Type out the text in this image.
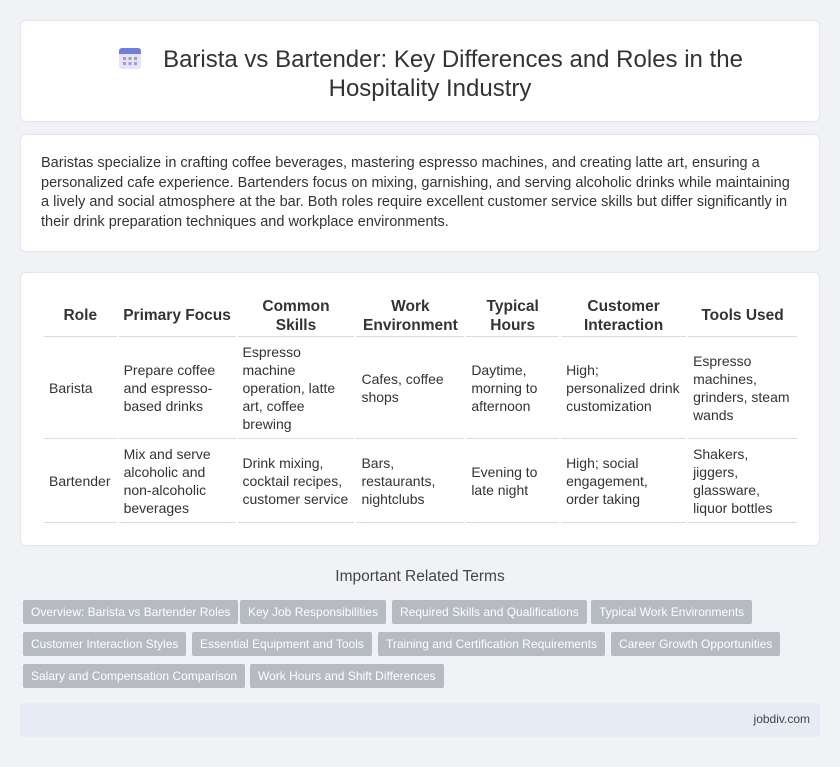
Barista vs Bartender: Key Differences and Roles in the Hospitality Industry

Baristas specialize in crafting coffee beverages, mastering espresso machines, and creating latte art, ensuring a personalized cafe experience. Bartenders focus on mixing, garnishing, and serving alcoholic drinks while maintaining a lively and social atmosphere at the bar. Both roles require excellent customer service skills but differ significantly in their drink preparation techniques and workplace environments.

Role	Primary Focus	Common Skills	Work Environment	Typical Hours	Customer Interaction	Tools Used
Barista	Prepare coffee and espresso-based drinks	Espresso machine operation, latte art, coffee brewing	Cafes, coffee shops	Daytime, morning to afternoon	High; personalized drink customization	Espresso machines, grinders, steam wands
Bartender	Mix and serve alcoholic and non-alcoholic beverages	Drink mixing, cocktail recipes, customer service	Bars, restaurants, nightclubs	Evening to late night	High; social engagement, order taking	Shakers, jiggers, glassware, liquor bottles
Important Related Terms
Overview: Barista vs Bartender Roles	Key Job Responsibilities	Required Skills and Qualifications	Typical Work Environments
Customer Interaction Styles	Essential Equipment and Tools	Training and Certification Requirements	Career Growth Opportunities
Salary and Compensation Comparison	Work Hours and Shift Differences
jobdiv.com
